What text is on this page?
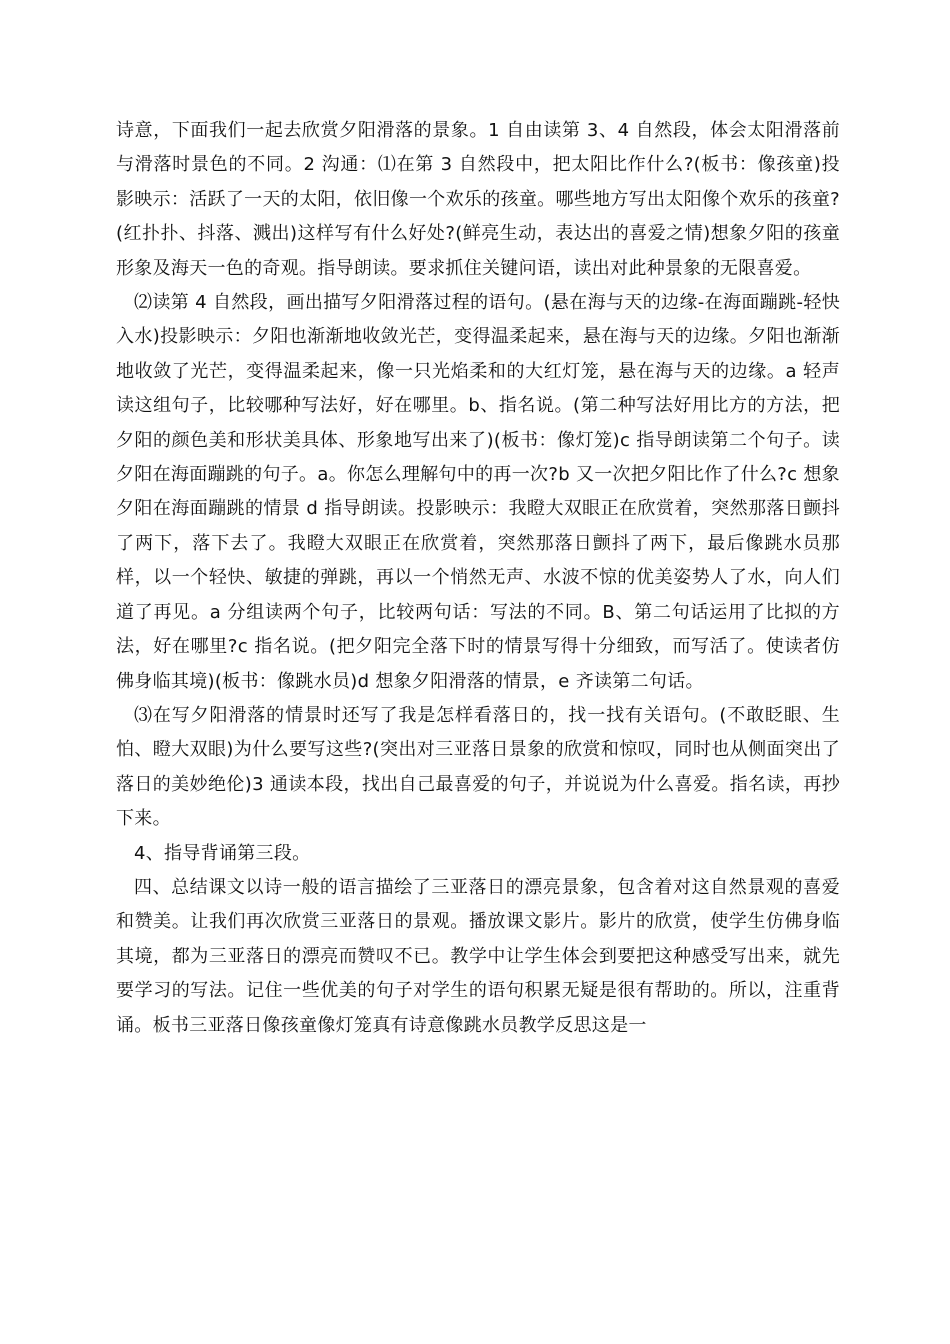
诗意，下面我们一起去欣赏夕阳滑落的景象。1 自由读第 3、4 自然段，体会太阳滑落前与滑落时景色的不同。2 沟通：⑴在第 3 自然段中，把太阳比作什么?(板书：像孩童)投影映示：活跃了一天的太阳，依旧像一个欢乐的孩童。哪些地方写出太阳像个欢乐的孩童?(红扑扑、抖落、溅出)这样写有什么好处?(鲜亮生动，表达出的喜爱之情)想象夕阳的孩童形象及海天一色的奇观。指导朗读。要求抓住关键问语，读出对此种景象的无限喜爱。

⑵读第 4 自然段，画出描写夕阳滑落过程的语句。(悬在海与天的边缘-在海面蹦跳-轻快入水)投影映示：夕阳也渐渐地收敛光芒，变得温柔起来，悬在海与天的边缘。夕阳也渐渐地收敛了光芒，变得温柔起来，像一只光焰柔和的大红灯笼，悬在海与天的边缘。a 轻声读这组句子，比较哪种写法好，好在哪里。b、指名说。(第二种写法好用比方的方法，把夕阳的颜色美和形状美具体、形象地写出来了)(板书：像灯笼)c 指导朗读第二个句子。读夕阳在海面蹦跳的句子。a。你怎么理解句中的再一次?b 又一次把夕阳比作了什么?c 想象夕阳在海面蹦跳的情景 d 指导朗读。投影映示：我瞪大双眼正在欣赏着，突然那落日颤抖了两下，落下去了。我瞪大双眼正在欣赏着，突然那落日颤抖了两下，最后像跳水员那样，以一个轻快、敏捷的弹跳，再以一个悄然无声、水波不惊的优美姿势人了水，向人们道了再见。a 分组读两个句子，比较两句话：写法的不同。B、第二句话运用了比拟的方法，好在哪里?c 指名说。(把夕阳完全落下时的情景写得十分细致，而写活了。使读者仿佛身临其境)(板书：像跳水员)d 想象夕阳滑落的情景，e 齐读第二句话。

⑶在写夕阳滑落的情景时还写了我是怎样看落日的，找一找有关语句。(不敢眨眼、生怕、瞪大双眼)为什么要写这些?(突出对三亚落日景象的欣赏和惊叹，同时也从侧面突出了落日的美妙绝伦)3 通读本段，找出自己最喜爱的句子，并说说为什么喜爱。指名读，再抄下来。

4、指导背诵第三段。

四、总结课文以诗一般的语言描绘了三亚落日的漂亮景象，包含着对这自然景观的喜爱和赞美。让我们再次欣赏三亚落日的景观。播放课文影片。影片的欣赏，使学生仿佛身临其境，都为三亚落日的漂亮而赞叹不已。教学中让学生体会到要把这种感受写出来，就先要学习的写法。记住一些优美的句子对学生的语句积累无疑是很有帮助的。所以，注重背诵。板书三亚落日像孩童像灯笼真有诗意像跳水员教学反思这是一
